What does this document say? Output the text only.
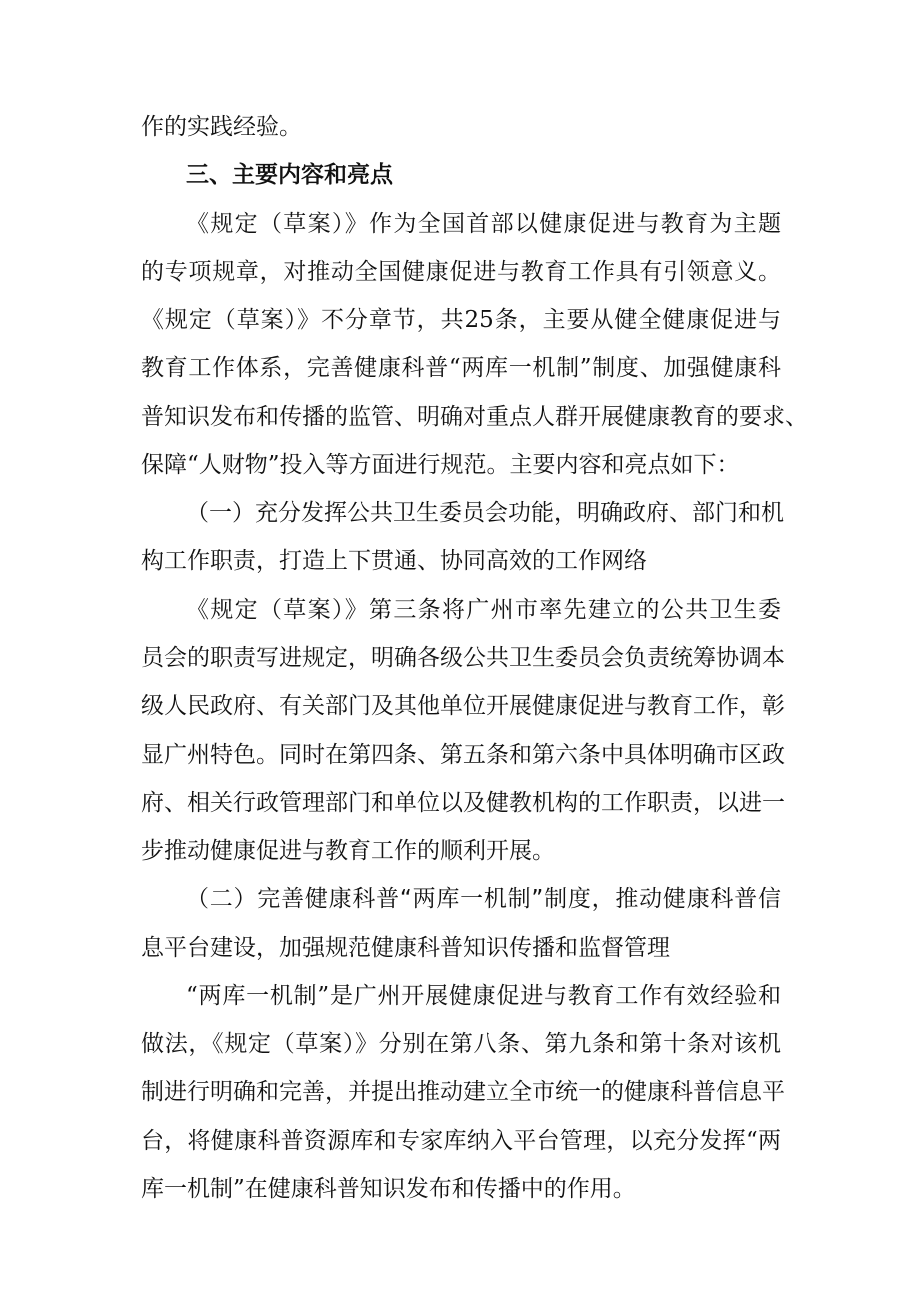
作的实践经验。
三、主要内容和亮点
《规定（草案）》作为全国首部以健康促进与教育为主题
的专项规章，对推动全国健康促进与教育工作具有引领意义。
《规定（草案）》不分章节，共25条，主要从健全健康促进与
教育工作体系，完善健康科普“两库一机制”制度、加强健康科
普知识发布和传播的监管、明确对重点人群开展健康教育的要求、
保障“人财物”投入等方面进行规范。主要内容和亮点如下：
（一）充分发挥公共卫生委员会功能，明确政府、部门和机
构工作职责，打造上下贯通、协同高效的工作网络
《规定（草案）》第三条将广州市率先建立的公共卫生委
员会的职责写进规定，明确各级公共卫生委员会负责统筹协调本
级人民政府、有关部门及其他单位开展健康促进与教育工作，彰
显广州特色。同时在第四条、第五条和第六条中具体明确市区政
府、相关行政管理部门和单位以及健教机构的工作职责，以进一
步推动健康促进与教育工作的顺利开展。
（二）完善健康科普“两库一机制”制度，推动健康科普信
息平台建设，加强规范健康科普知识传播和监督管理
“两库一机制”是广州开展健康促进与教育工作有效经验和
做法，《规定（草案）》分别在第八条、第九条和第十条对该机
制进行明确和完善，并提出推动建立全市统一的健康科普信息平
台，将健康科普资源库和专家库纳入平台管理，以充分发挥“两
库一机制”在健康科普知识发布和传播中的作用。
